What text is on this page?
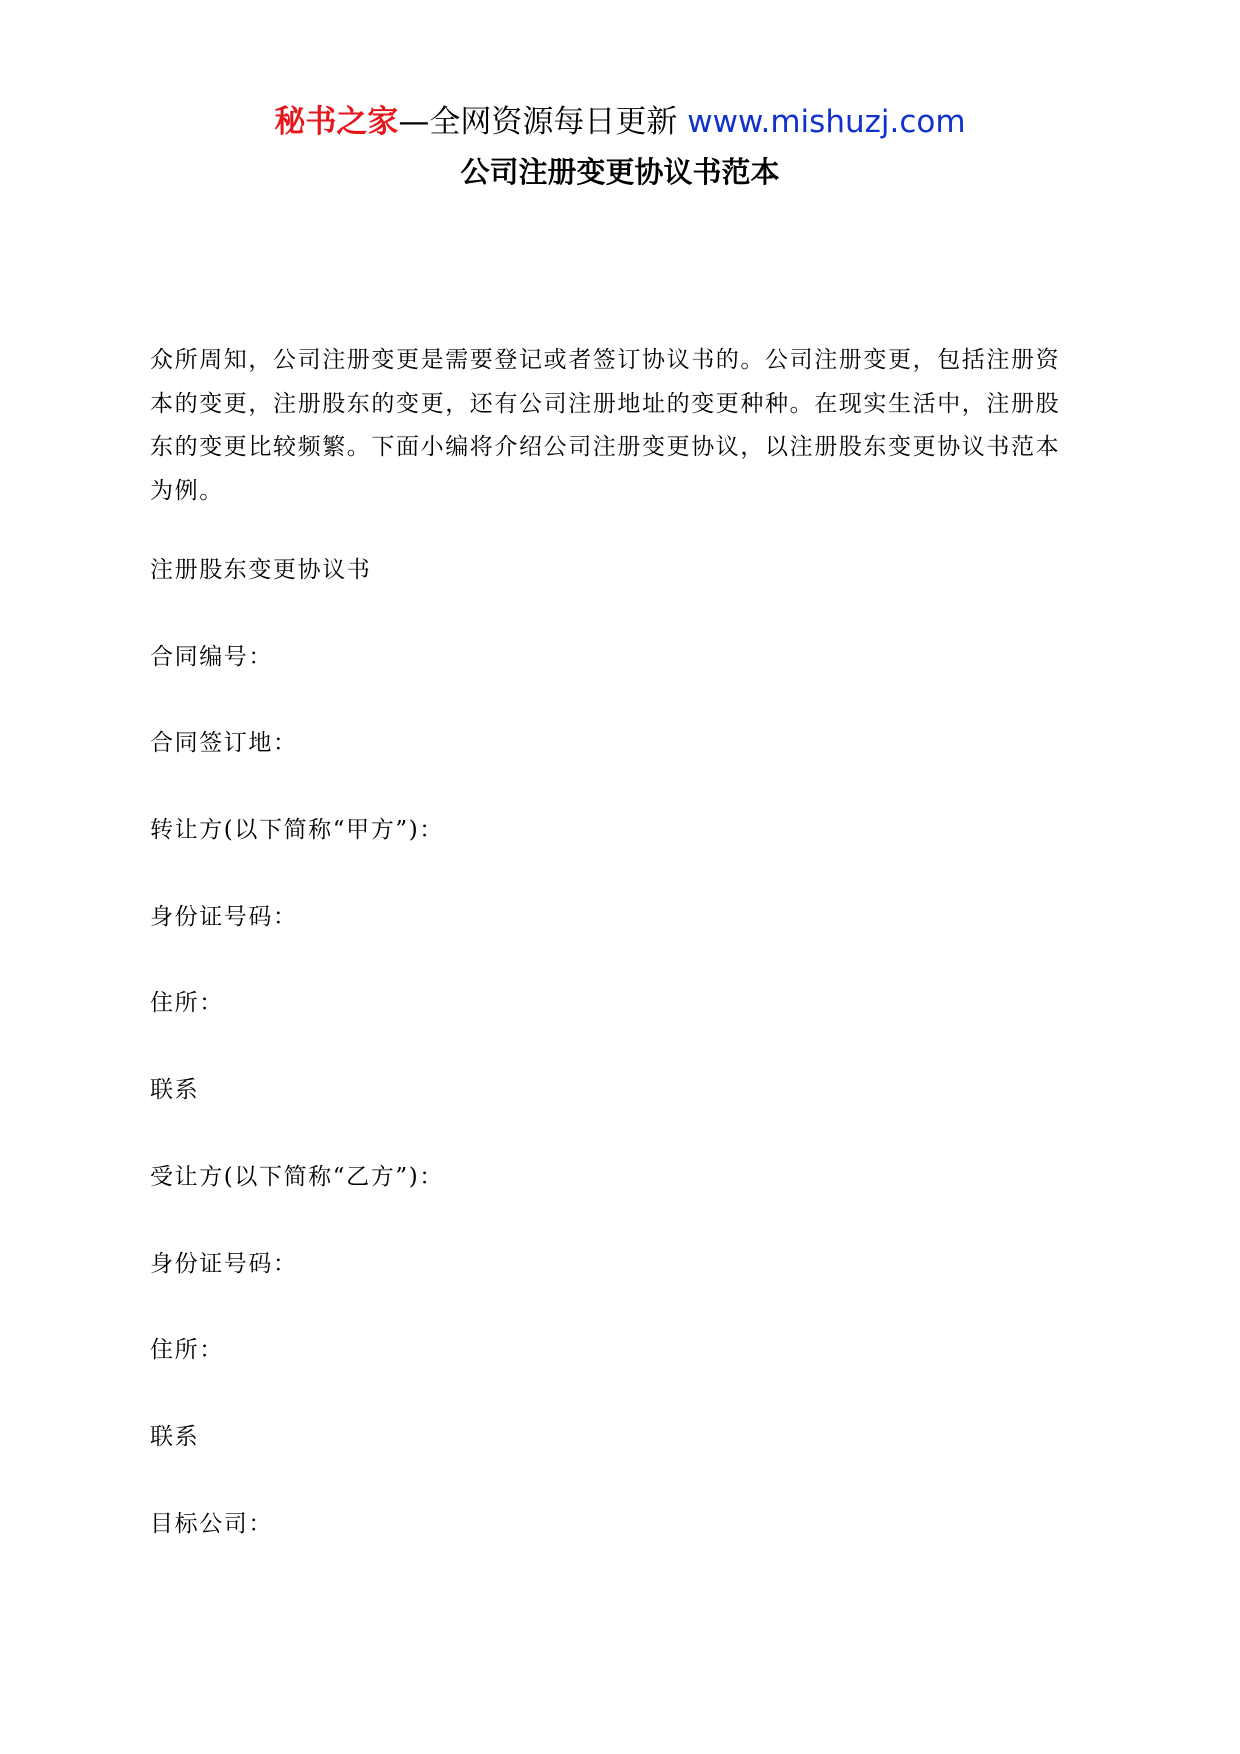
秘书之家—全网资源每日更新 www.mishuzj.com
公司注册变更协议书范本

众所周知，公司注册变更是需要登记或者签订协议书的。公司注册变更，包括注册资本的变更，注册股东的变更，还有公司注册地址的变更种种。在现实生活中，注册股东的变更比较频繁。下面小编将介绍公司注册变更协议，以注册股东变更协议书范本为例。

注册股东变更协议书

合同编号：

合同签订地：

转让方(以下简称“甲方”)：

身份证号码：

住所：

联系

受让方(以下简称“乙方”)：

身份证号码：

住所：

联系

目标公司：
